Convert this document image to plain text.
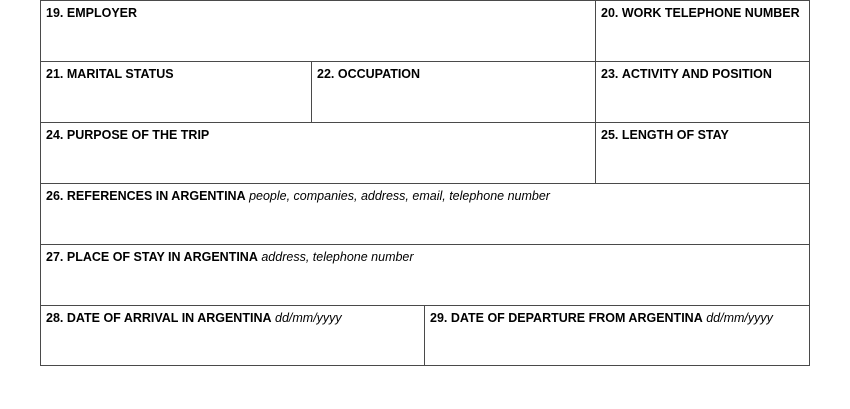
19. EMPLOYER	20. WORK TELEPHONE NUMBER
21. MARITAL STATUS	22. OCCUPATION	23. ACTIVITY AND POSITION
24. PURPOSE OF THE TRIP	25. LENGTH OF STAY
26. REFERENCES IN ARGENTINA people, companies, address, email, telephone number
27. PLACE OF STAY IN ARGENTINA address, telephone number
28. DATE OF ARRIVAL IN ARGENTINA dd/mm/yyyy	29. DATE OF DEPARTURE FROM ARGENTINA dd/mm/yyyy
